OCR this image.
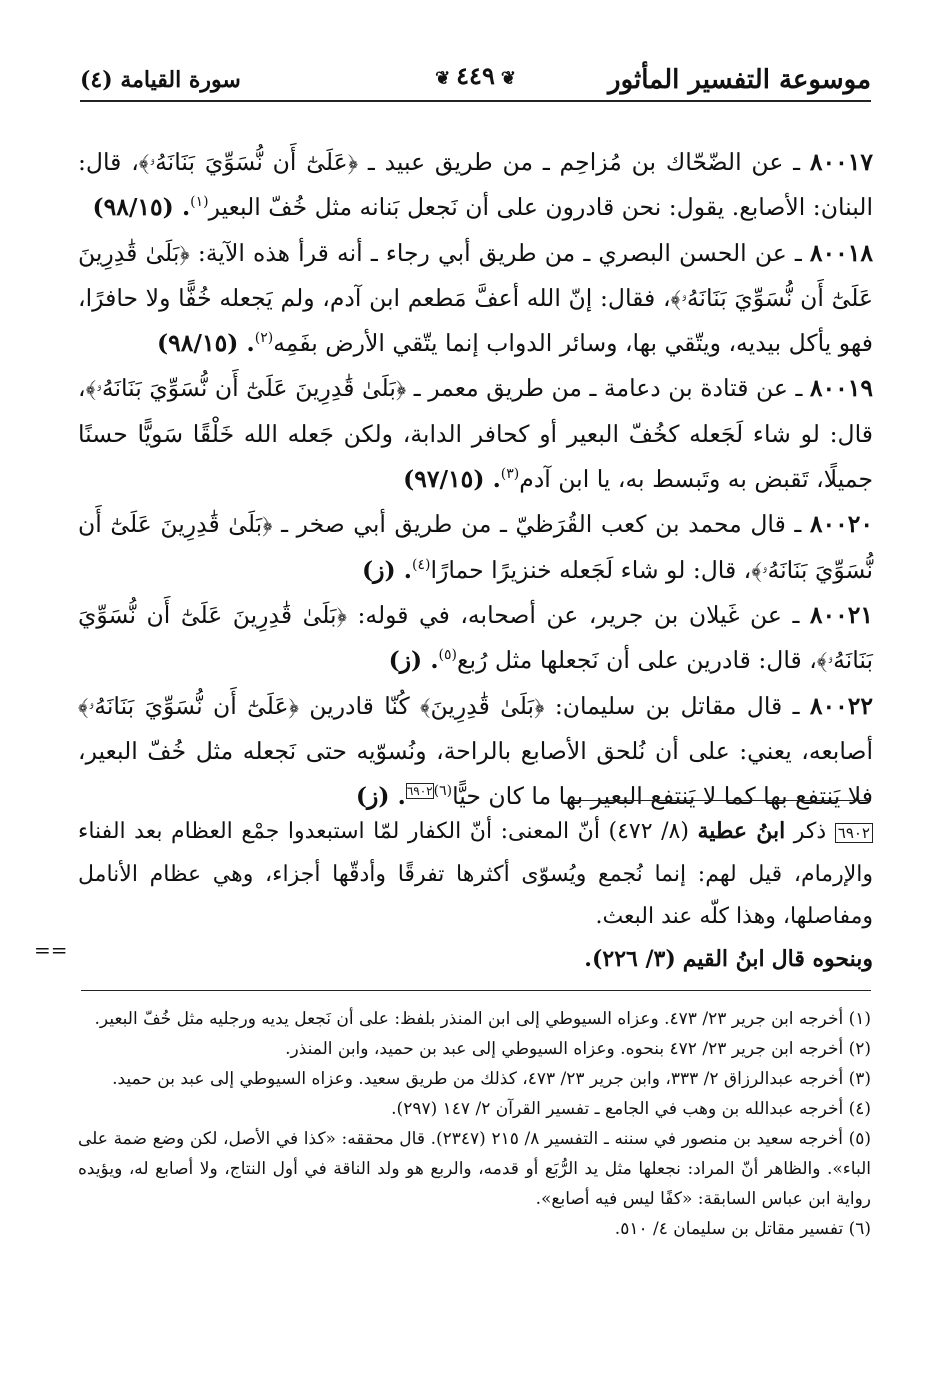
موسوعة التفسير المأثور
❦٤٤٩❦
سورة القيامة (٤)

٨٠٠١٧ ـ عن الضّحّاك بن مُزاحِم ـ من طريق عبيد ـ ﴿عَلَىٰٓ أَن نُّسَوِّيَ بَنَانَهُۥ﴾، قال: البنان: الأصابع. يقول: نحن قادرون على أن نَجعل بَنانه مثل خُفّ البعير$^{(١)}$. (٩٨/١٥)

٨٠٠١٨ ـ عن الحسن البصري ـ من طريق أبي رجاء ـ أنه قرأ هذه الآية: ﴿بَلَىٰ قَٰدِرِينَ عَلَىٰٓ أَن نُّسَوِّيَ بَنَانَهُۥ﴾، فقال: إنّ الله أعفَّ مَطعم ابن آدم، ولم يَجعله خُفًّا ولا حافرًا، فهو يأكل بيديه، ويتّقي بها، وسائر الدواب إنما يتّقي الأرض بفَمِه$^{(٢)}$. (٩٨/١٥)

٨٠٠١٩ ـ عن قتادة بن دعامة ـ من طريق معمر ـ ﴿بَلَىٰ قَٰدِرِينَ عَلَىٰٓ أَن نُّسَوِّيَ بَنَانَهُۥ﴾، قال: لو شاء لَجَعله كخُفّ البعير أو كحافر الدابة، ولكن جَعله الله خَلْقًا سَويًّا حسنًا جميلًا، تَقبض به وتَبسط به، يا ابن آدم$^{(٣)}$. (٩٧/١٥)

٨٠٠٢٠ ـ قال محمد بن كعب القُرَظيّ ـ من طريق أبي صخر ـ ﴿بَلَىٰ قَٰدِرِينَ عَلَىٰٓ أَن نُّسَوِّيَ بَنَانَهُۥ﴾، قال: لو شاء لَجَعله خنزيرًا حمارًا$^{(٤)}$. (ز)

٨٠٠٢١ ـ عن غَيلان بن جرير، عن أصحابه، في قوله: ﴿بَلَىٰ قَٰدِرِينَ عَلَىٰٓ أَن نُّسَوِّيَ بَنَانَهُۥ﴾، قال: قادرين على أن نَجعلها مثل رُبع$^{(٥)}$. (ز)

٨٠٠٢٢ ـ قال مقاتل بن سليمان: ﴿بَلَىٰ قَٰدِرِينَ﴾ كُنّا قادرين ﴿عَلَىٰٓ أَن نُّسَوِّيَ بَنَانَهُۥ﴾ أصابعه، يعني: على أن نُلحق الأصابع بالراحة، ونُسوّيه حتى نَجعله مثل خُفّ البعير، فلا يَنتفع بها كما لا يَنتفع البعير بها ما كان حيًّا$^{(٦)٦٩٠٢}$. (ز)

٦٩٠٢ ذكر ابنُ عطية (٨/ ٤٧٢) أنّ المعنى: أنّ الكفار لمّا استبعدوا جمْع العظام بعد الفناء والإرمام، قيل لهم: إنما نُجمع ويُسوّى أكثرها تفرقًا وأدقّها أجزاء، وهي عظام الأنامل ومفاصلها، وهذا كلّه عند البعث.
وبنحوه قال ابنُ القيم (٣/ ٢٢٦).
==

(١) أخرجه ابن جرير ٢٣/ ٤٧٣. وعزاه السيوطي إلى ابن المنذر بلفظ: على أن نَجعل يديه ورجليه مثل خُفّ البعير.

(٢) أخرجه ابن جرير ٢٣/ ٤٧٢ بنحوه. وعزاه السيوطي إلى عبد بن حميد، وابن المنذر.

(٣) أخرجه عبدالرزاق ٢/ ٣٣٣، وابن جرير ٢٣/ ٤٧٣، كذلك من طريق سعيد. وعزاه السيوطي إلى عبد بن حميد.

(٤) أخرجه عبدالله بن وهب في الجامع ـ تفسير القرآن ٢/ ١٤٧ (٢٩٧).

(٥) أخرجه سعيد بن منصور في سننه ـ التفسير ٨/ ٢١٥ (٢٣٤٧). قال محققه: «كذا في الأصل، لكن وضع ضمة على الباء». والظاهر أنّ المراد: نجعلها مثل يد الرُّبَع أو قدمه، والربع هو ولد الناقة في أول النتاج، ولا أصابع له، ويؤيده رواية ابن عباس السابقة: «كفًا ليس فيه أصابع».

(٦) تفسير مقاتل بن سليمان ٤/ ٥١٠.
